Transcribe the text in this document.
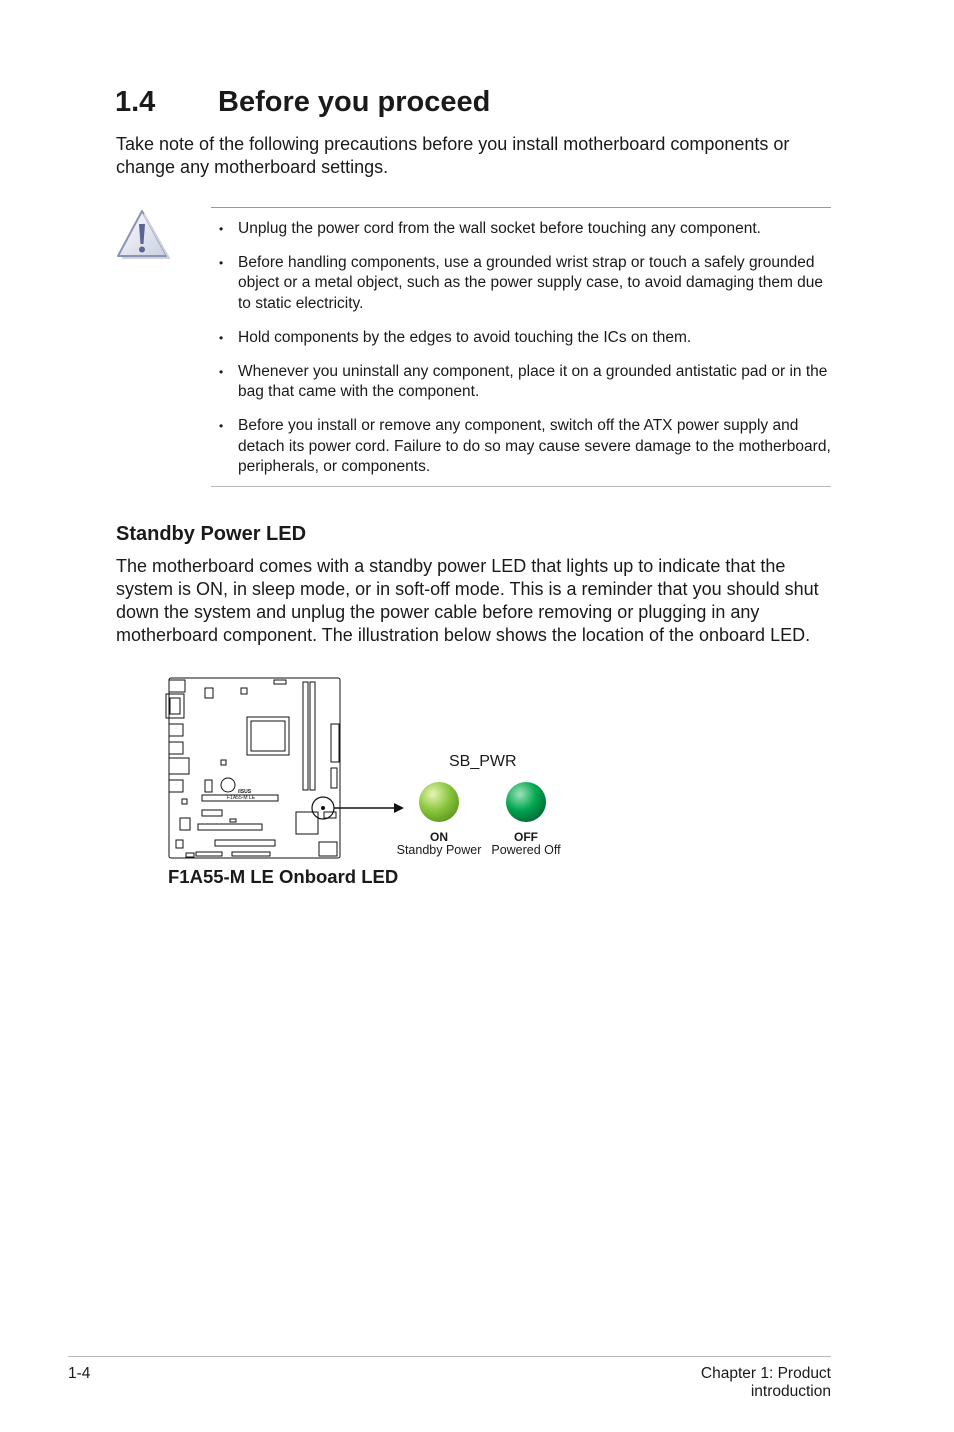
1.4 Before you proceed
Take note of the following precautions before you install motherboard components or change any motherboard settings.
• Unplug the power cord from the wall socket before touching any component.
• Before handling components, use a grounded wrist strap or touch a safely grounded object or a metal object, such as the power supply case, to avoid damaging them due to static electricity.
• Hold components by the edges to avoid touching the ICs on them.
• Whenever you uninstall any component, place it on a grounded antistatic pad or in the bag that came with the component.
• Before you install or remove any component, switch off the ATX power supply and detach its power cord. Failure to do so may cause severe damage to the motherboard, peripherals, or components.
Standby Power LED
The motherboard comes with a standby power LED that lights up to indicate that the system is ON, in sleep mode, or in soft-off mode. This is a reminder that you should shut down the system and unplug the power cable before removing or plugging in any motherboard component. The illustration below shows the location of the onboard LED.
F1A55-M LE
/ISUS
SB_PWR
ON
Standby Power
OFF
Powered Off
F1A55-M LE Onboard LED
1-4	Chapter 1: Product introduction
